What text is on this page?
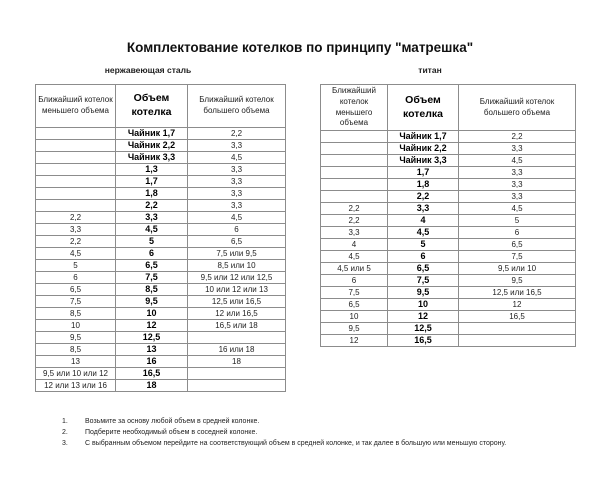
Комплектование котелков по принципу "матрешка"
нержавеющая сталь	титан
Ближайший котелок меньшего объема	Объем котелка	Ближайший котелок большего объема
	Чайник 1,7	2,2
	Чайник 2,2	3,3
	Чайник 3,3	4,5
	1,3	3,3
	1,7	3,3
	1,8	3,3
	2,2	3,3
2,2	3,3	4,5
3,3	4,5	6
2,2	5	6,5
4,5	6	7,5 или 9,5
5	6,5	8,5 или 10
6	7,5	9,5 или 12 или 12,5
6,5	8,5	10 или 12 или 13
7,5	9,5	12,5 или 16,5
8,5	10	12 или 16,5
10	12	16,5 или 18
9,5	12,5	
8,5	13	16 или 18
13	16	18
9,5 или 10 или 12	16,5	
12 или 13 или 16	18	
Ближайший котелок меньшего объема	Объем котелка	Ближайший котелок большего объема
	Чайник 1,7	2,2
	Чайник 2,2	3,3
	Чайник 3,3	4,5
	1,7	3,3
	1,8	3,3
	2,2	3,3
2,2	3,3	4,5
2,2	4	5
3,3	4,5	6
4	5	6,5
4,5	6	7,5
4,5 или 5	6,5	9,5 или 10
6	7,5	9,5
7,5	9,5	12,5 или 16,5
6,5	10	12
10	12	16,5
9,5	12,5	
12	16,5	
1.	Возьмите за основу любой объем в средней колонке.
2.	Подберите необходимый объем в соседней колонке.
3.	С выбранным объемом перейдите на соответствующий объем в средней колонке, и так далее в большую или меньшую сторону.
